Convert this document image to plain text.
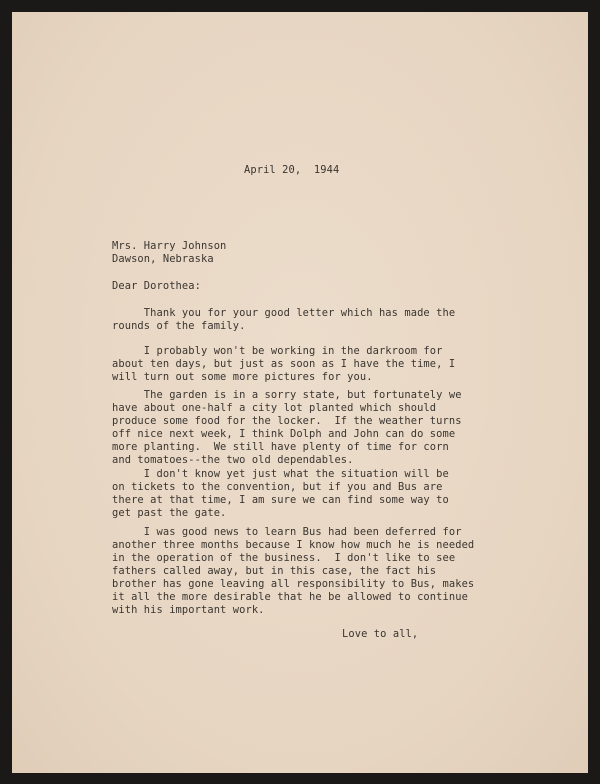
April 20,  1944
Mrs. Harry Johnson
Dawson, Nebraska
Dear Dorothea:
Thank you for your good letter which has made the
rounds of the family.
I probably won't be working in the darkroom for
about ten days, but just as soon as I have the time, I
will turn out some more pictures for you.
The garden is in a sorry state, but fortunately we
have about one-half a city lot planted which should
produce some food for the locker.  If the weather turns
off nice next week, I think Dolph and John can do some
more planting.  We still have plenty of time for corn
and tomatoes--the two old dependables.
I don't know yet just what the situation will be
on tickets to the convention, but if you and Bus are
there at that time, I am sure we can find some way to
get past the gate.
I was good news to learn Bus had been deferred for
another three months because I know how much he is needed
in the operation of the business.  I don't like to see
fathers called away, but in this case, the fact his
brother has gone leaving all responsibility to Bus, makes
it all the more desirable that he be allowed to continue
with his important work.
Love to all,
